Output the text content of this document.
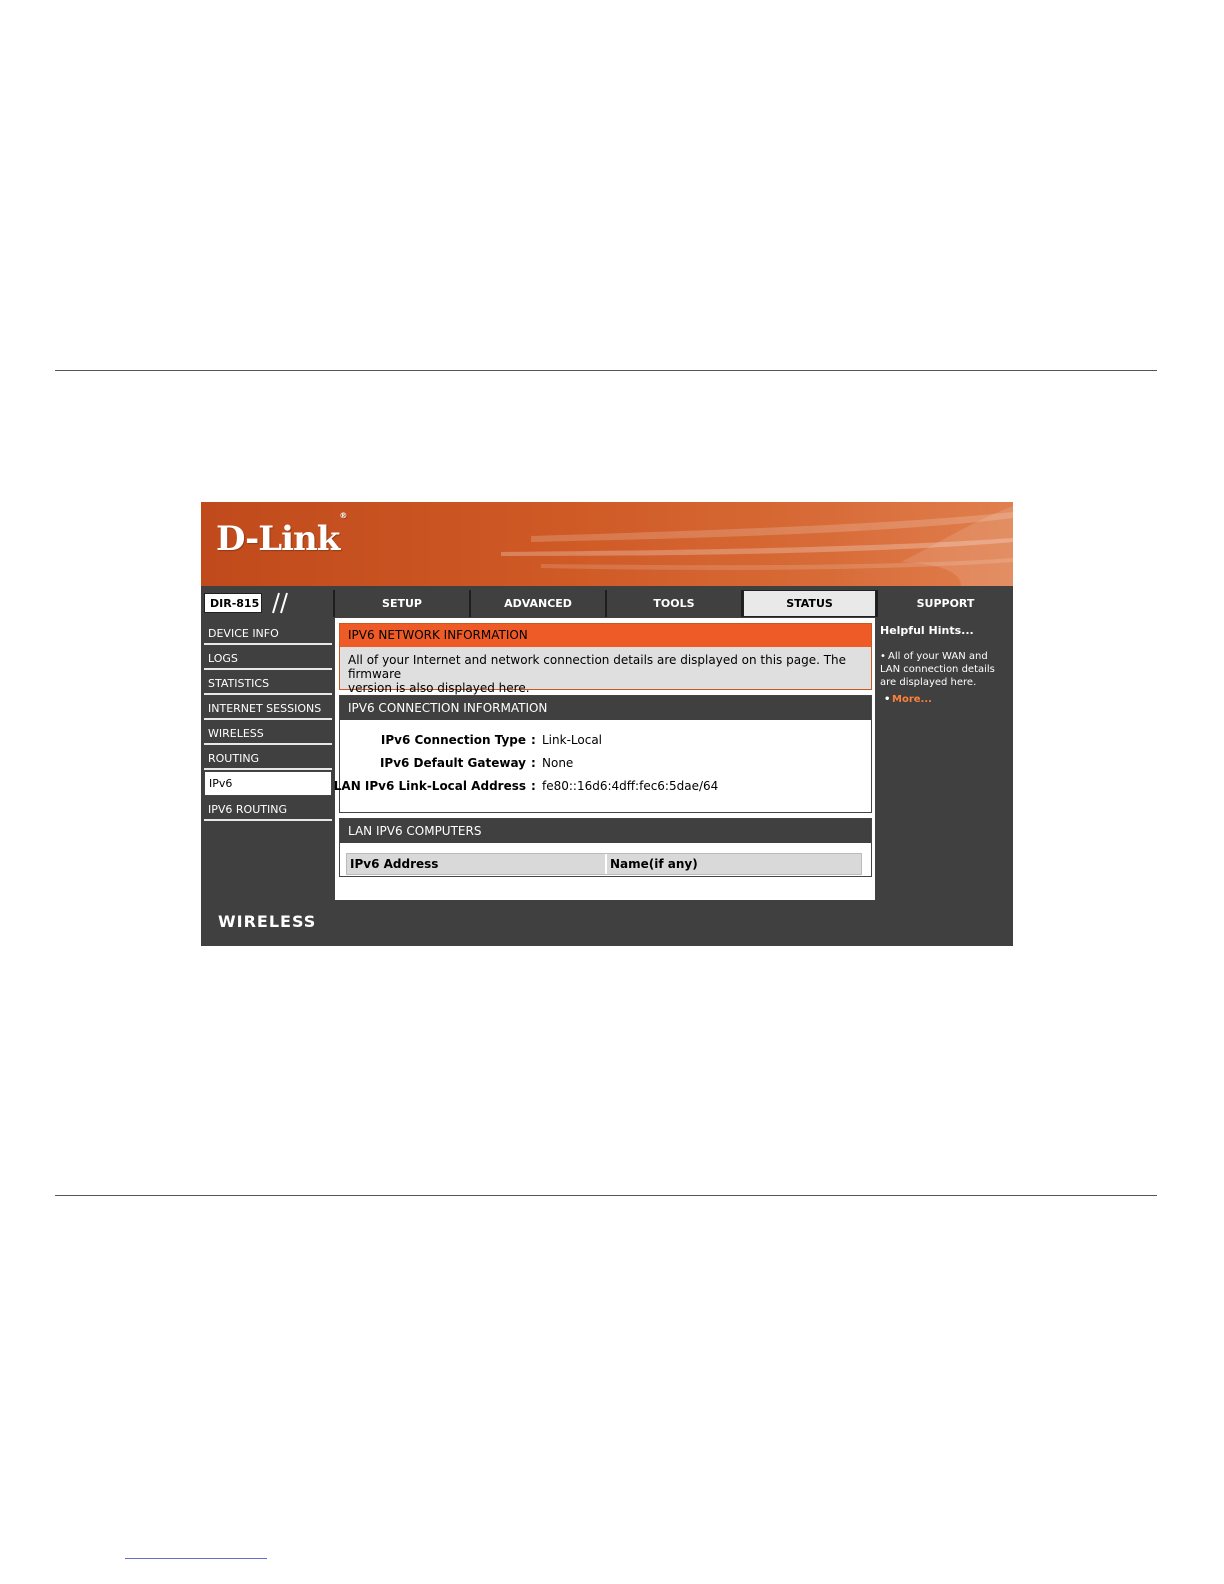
D-Link®
DIR-815	SETUP	ADVANCED	TOOLS	STATUS	SUPPORT
DEVICE INFO
LOGS
STATISTICS
INTERNET SESSIONS
WIRELESS
ROUTING
IPv6
IPV6 ROUTING
IPV6 NETWORK INFORMATION
All of your Internet and network connection details are displayed on this page. The firmware
version is also displayed here.
IPV6 CONNECTION INFORMATION
IPv6 Connection Type : Link-Local
IPv6 Default Gateway : None
LAN IPv6 Link-Local Address : fe80::16d6:4dff:fec6:5dae/64
LAN IPV6 COMPUTERS
IPv6 Address	Name(if any)
Helpful Hints...
• All of your WAN and
LAN connection details
are displayed here.
• More...
WIRELESS
